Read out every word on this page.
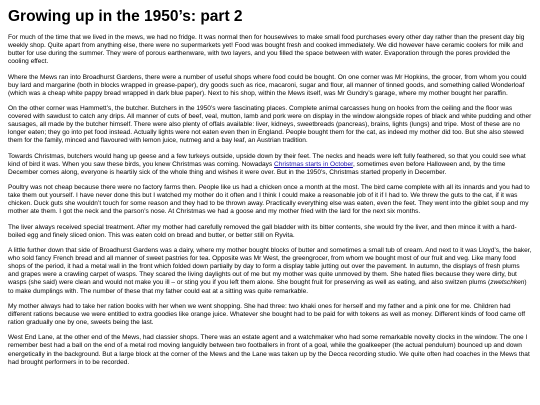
Growing up in the 1950’s: part 2

For much of the time that we lived in the mews, we had no fridge. It was normal then for housewives to make small food purchases every other day rather than the present day big weekly shop. Quite apart from anything else, there were no supermarkets yet! Food was bought fresh and cooked immediately. We did however have ceramic coolers for milk and butter for use during the summer. They were of porous earthenware, with two layers, and you filled the space between with water. Evaporation through the pores provided the cooling effect.

Where the Mews ran into Broadhurst Gardens, there were a number of useful shops where food could be bought. On one corner was Mr Hopkins, the grocer, from whom you could buy lard and margarine (both in blocks wrapped in grease-paper), dry goods such as rice, macaroni, sugar and flour, all manner of tinned goods, and something called Wonderloaf (which was a cheap white pappy bread wrapped in dark blue paper). Next to his shop, within the Mews itself, was Mr Gundry’s garage, where my mother bought her paraffin.

On the other corner was Hammett’s, the butcher. Butchers in the 1950’s were fascinating places. Complete animal carcasses hung on hooks from the ceiling and the floor was covered with sawdust to catch any drips. All manner of cuts of beef, veal, mutton, lamb and pork were on display in the window alongside ropes of black and white pudding and other sausages, all made by the butcher himself. There were also plenty of offals available: liver, kidneys, sweetbreads (pancreas), brains, lights (lungs) and tripe. Most of these are no longer eaten; they go into pet food instead. Actually lights were not eaten even then in England. People bought them for the cat, as indeed my mother did too. But she also stewed them for the family, minced and flavoured with lemon juice, nutmeg and a bay leaf, an Austrian tradition.

Towards Christmas, butchers would hang up geese and a few turkeys outside, upside down by their feet. The necks and heads were left fully feathered, so that you could see what kind of bird it was. When you saw these birds, you knew Christmas was coming. Nowadays Christmas starts in October, sometimes even before Halloween and, by the time December comes along, everyone is heartily sick of the whole thing and wishes it were over. But in the 1950’s, Christmas started properly in December.

Poultry was not cheap because there were no factory farms then. People like us had a chicken once a month at the most. The bird came complete with all its innards and you had to take them out yourself. I have never done this but I watched my mother do it often and I think I could make a reasonable job of it if I had to. We threw the guts to the cat, if it was chicken. Duck guts she wouldn’t touch for some reason and they had to be thrown away. Practically everything else was eaten, even the feet. They went into the giblet soup and my mother ate them. I got the neck and the parson’s nose. At Christmas we had a goose and my mother fried with the lard for the next six months.

The liver always received special treatment. After my mother had carefully removed the gall bladder with its bitter contents, she would fry the liver, and then mince it with a hard-boiled egg and finely sliced onion. This was eaten cold on bread and butter, or better still on Ryvita.

A little further down that side of Broadhurst Gardens was a dairy, where my mother bought blocks of butter and sometimes a small tub of cream. And next to it was Lloyd’s, the baker, who sold fancy French bread and all manner of sweet pastries for tea. Opposite was Mr West, the greengrocer, from whom we bought most of our fruit and veg. Like many food shops of the period, it had a metal wall in the front which folded down partially by day to form a display table jutting out over the pavement. In autumn, the displays of fresh plums and grapes were a crawling carpet of wasps. They scared the living daylights out of me but my mother was quite unmoved by them. She hated flies because they were dirty, but wasps (she said) were clean and would not make you ill – or sting you if you left them alone. She bought fruit for preserving as well as eating, and also switzen plums (zwetschken) to make dumplings with. The number of these that my father could eat at a sitting was quite remarkable.

My mother always had to take her ration books with her when we went shopping. She had three: two khaki ones for herself and my father and a pink one for me. Children had different rations because we were entitled to extra goodies like orange juice. Whatever she bought had to be paid for with tokens as well as money. Different kinds of food came off ration gradually one by one, sweets being the last.

West End Lane, at the other end of the Mews, had classier shops. There was an estate agent and a watchmaker who had some remarkable novelty clocks in the window. The one I remember best had a ball on the end of a metal rod moving languidly between two footballers in front of a goal, while the goalkeeper (the actual pendulum) bounced up and down energetically in the background. But a large block at the corner of the Mews and the Lane was taken up by the Decca recording studio. We quite often had coaches in the Mews that had brought performers in to be recorded.
